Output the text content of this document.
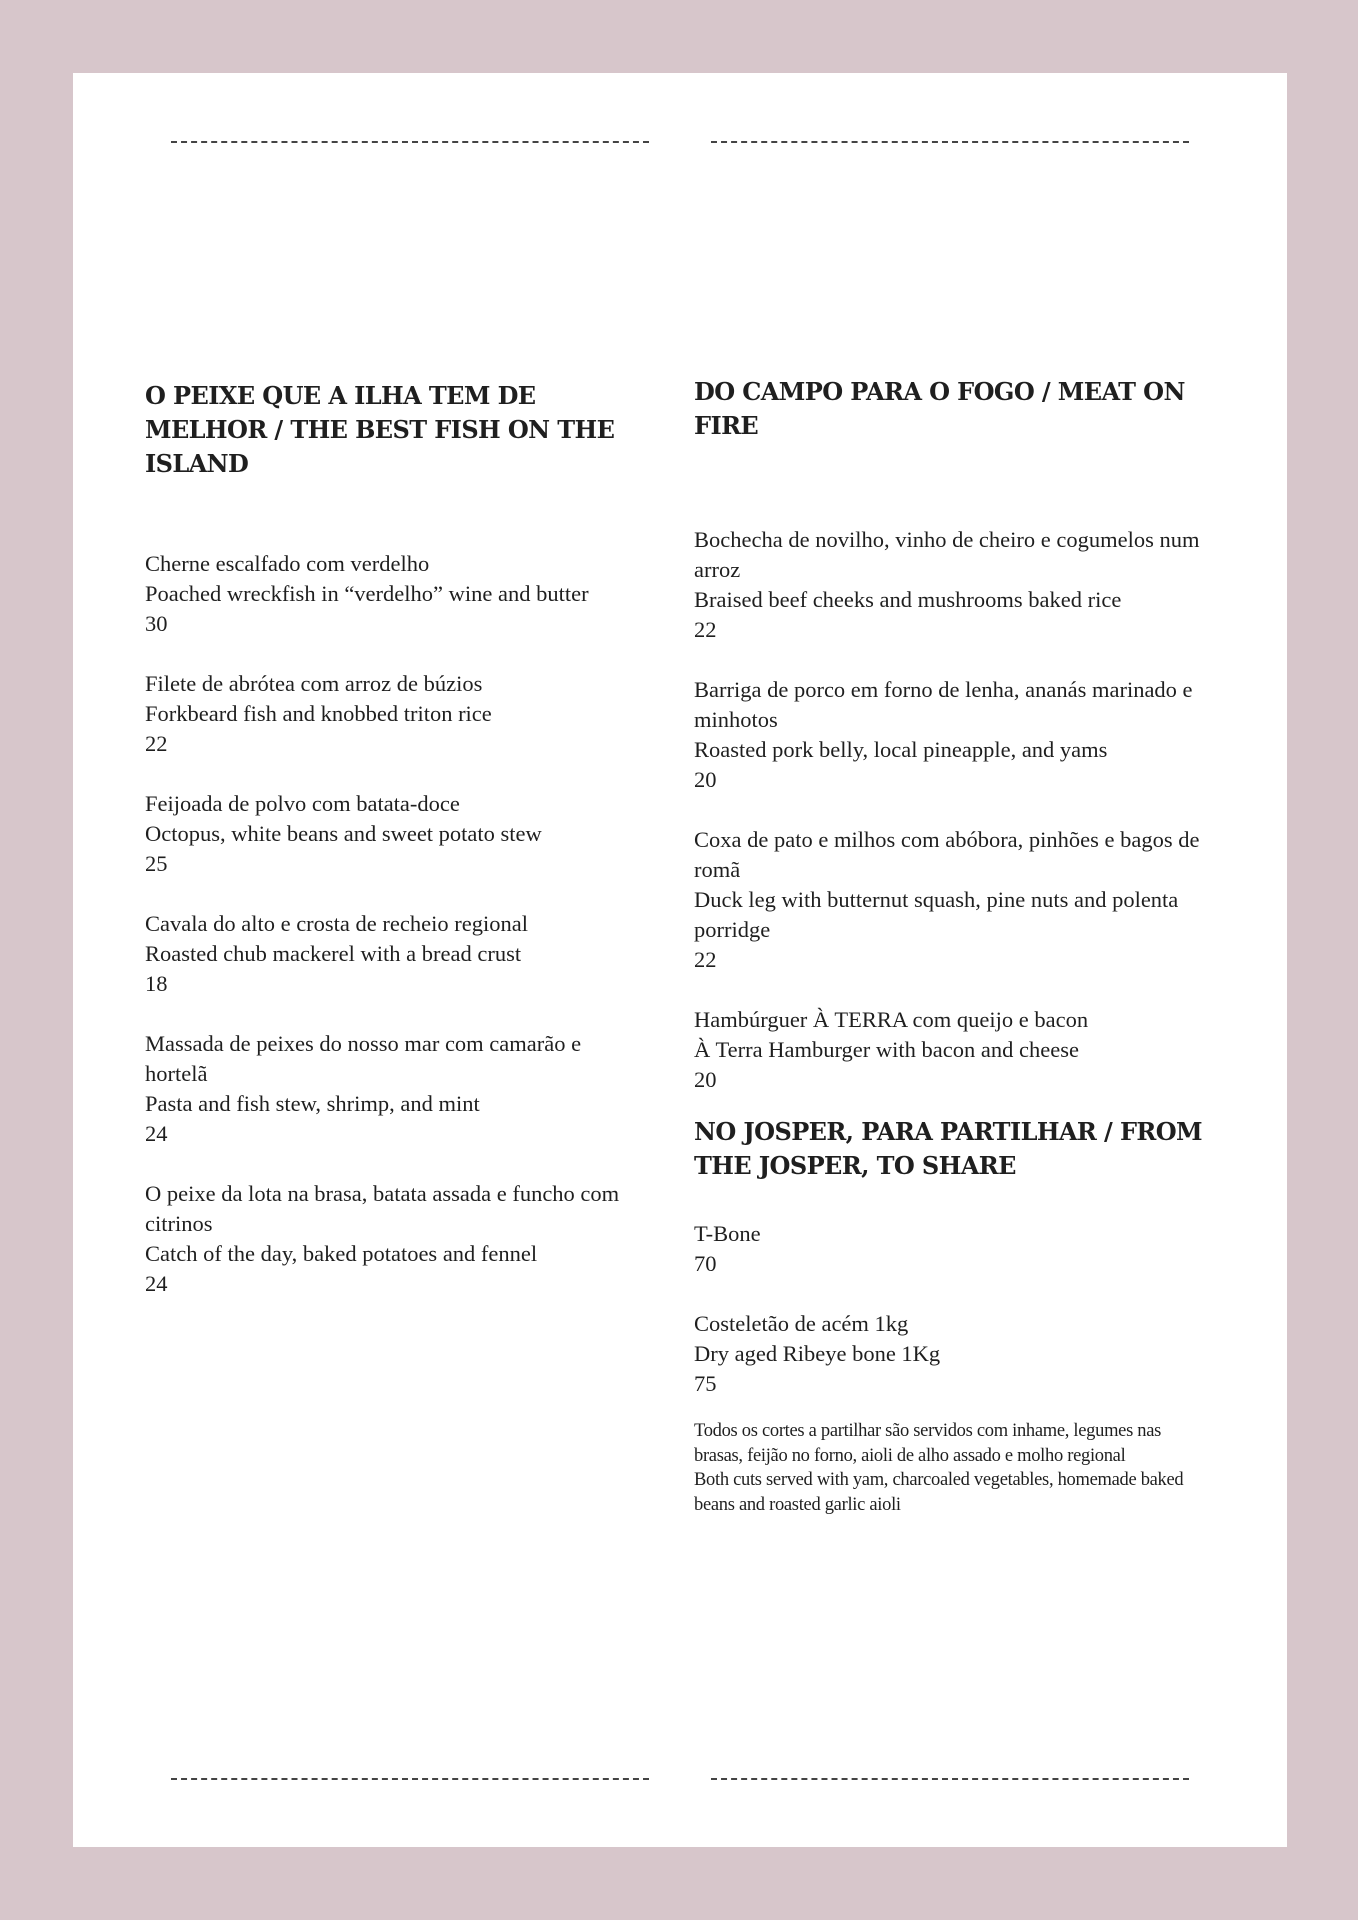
O PEIXE QUE A ILHA TEM DE MELHOR / THE BEST FISH ON THE ISLAND
Cherne escalfado com verdelho
Poached wreckfish in “verdelho” wine and butter
30
Filete de abrótea com arroz de búzios
Forkbeard fish and knobbed triton rice
22
Feijoada de polvo com batata-doce
Octopus, white beans and sweet potato stew
25
Cavala do alto e crosta de recheio regional
Roasted chub mackerel with a bread crust
18
Massada de peixes do nosso mar com camarão e hortelã
Pasta and fish stew, shrimp, and mint
24
O peixe da lota na brasa, batata assada e funcho com citrinos
Catch of the day, baked potatoes and fennel
24
DO CAMPO PARA O FOGO / MEAT ON FIRE
Bochecha de novilho, vinho de cheiro e cogumelos num arroz
Braised beef cheeks and mushrooms baked rice
22
Barriga de porco em forno de lenha, ananás marinado e minhotos
Roasted pork belly, local pineapple, and yams
20
Coxa de pato e milhos com abóbora, pinhões e bagos de romã
Duck leg with butternut squash, pine nuts and polenta porridge
22
Hambúrguer À TERRA com queijo e bacon
À Terra Hamburger with bacon and cheese
20
NO JOSPER, PARA PARTILHAR / FROM THE JOSPER, TO SHARE
T-Bone
70
Costeletão de acém 1kg
Dry aged Ribeye bone 1Kg
75
Todos os cortes a partilhar são servidos com inhame, legumes nas brasas, feijão no forno, aioli de alho assado e molho regional
Both cuts served with yam, charcoaled vegetables, homemade baked beans and roasted garlic aioli
